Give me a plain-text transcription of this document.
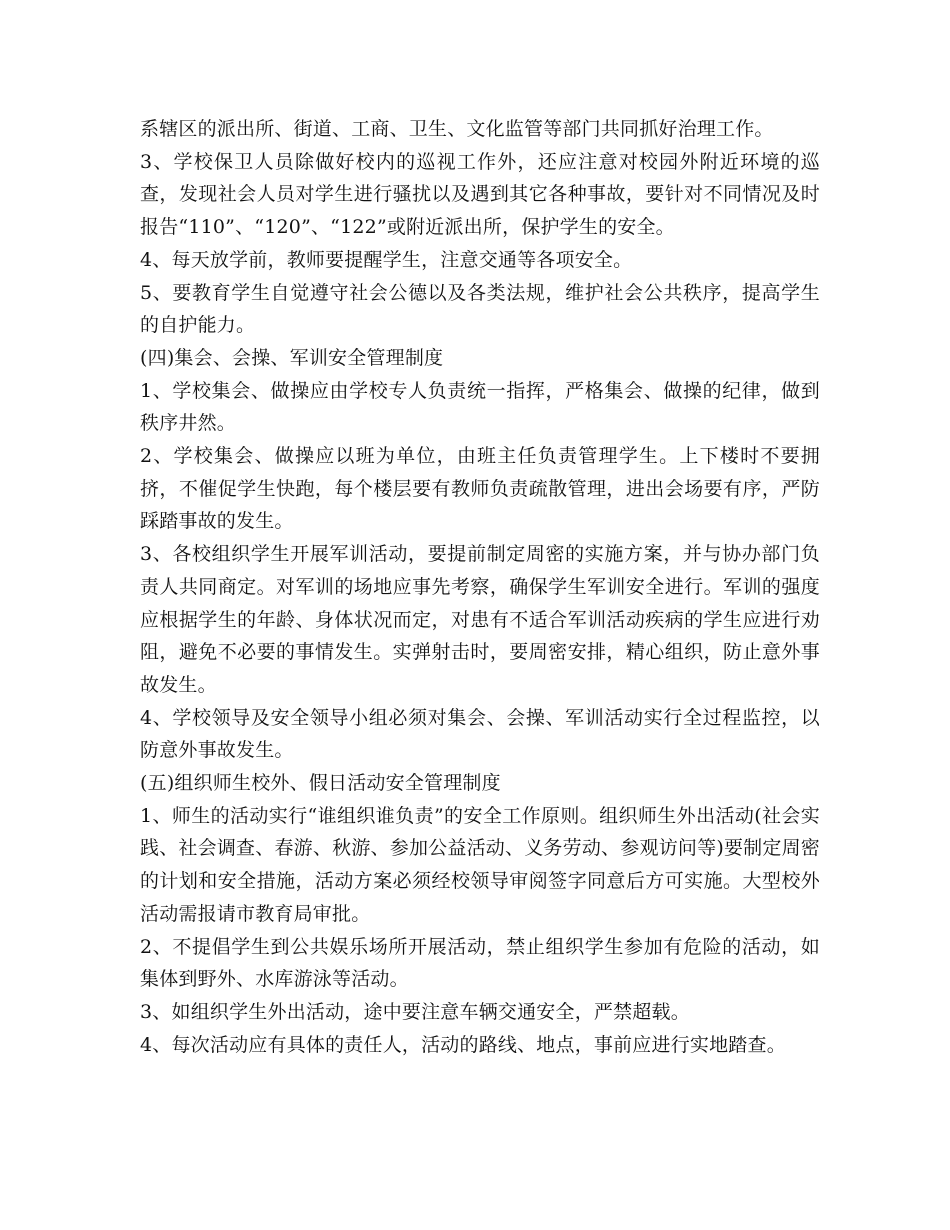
系辖区的派出所、街道、工商、卫生、文化监管等部门共同抓好治理工作。

3、学校保卫人员除做好校内的巡视工作外，还应注意对校园外附近环境的巡查，发现社会人员对学生进行骚扰以及遇到其它各种事故，要针对不同情况及时报告“110”、“120”、“122”或附近派出所，保护学生的安全。

4、每天放学前，教师要提醒学生，注意交通等各项安全。

5、要教育学生自觉遵守社会公德以及各类法规，维护社会公共秩序，提高学生的自护能力。

(四)集会、会操、军训安全管理制度

1、学校集会、做操应由学校专人负责统一指挥，严格集会、做操的纪律，做到秩序井然。

2、学校集会、做操应以班为单位，由班主任负责管理学生。上下楼时不要拥挤，不催促学生快跑，每个楼层要有教师负责疏散管理，进出会场要有序，严防踩踏事故的发生。

3、各校组织学生开展军训活动，要提前制定周密的实施方案，并与协办部门负责人共同商定。对军训的场地应事先考察，确保学生军训安全进行。军训的强度应根据学生的年龄、身体状况而定，对患有不适合军训活动疾病的学生应进行劝阻，避免不必要的事情发生。实弹射击时，要周密安排，精心组织，防止意外事故发生。

4、学校领导及安全领导小组必须对集会、会操、军训活动实行全过程监控，以防意外事故发生。

(五)组织师生校外、假日活动安全管理制度

1、师生的活动实行“谁组织谁负责”的安全工作原则。组织师生外出活动(社会实践、社会调查、春游、秋游、参加公益活动、义务劳动、参观访问等)要制定周密的计划和安全措施，活动方案必须经校领导审阅签字同意后方可实施。大型校外活动需报请市教育局审批。

2、不提倡学生到公共娱乐场所开展活动，禁止组织学生参加有危险的活动，如集体到野外、水库游泳等活动。

3、如组织学生外出活动，途中要注意车辆交通安全，严禁超载。

4、每次活动应有具体的责任人，活动的路线、地点，事前应进行实地踏查。
